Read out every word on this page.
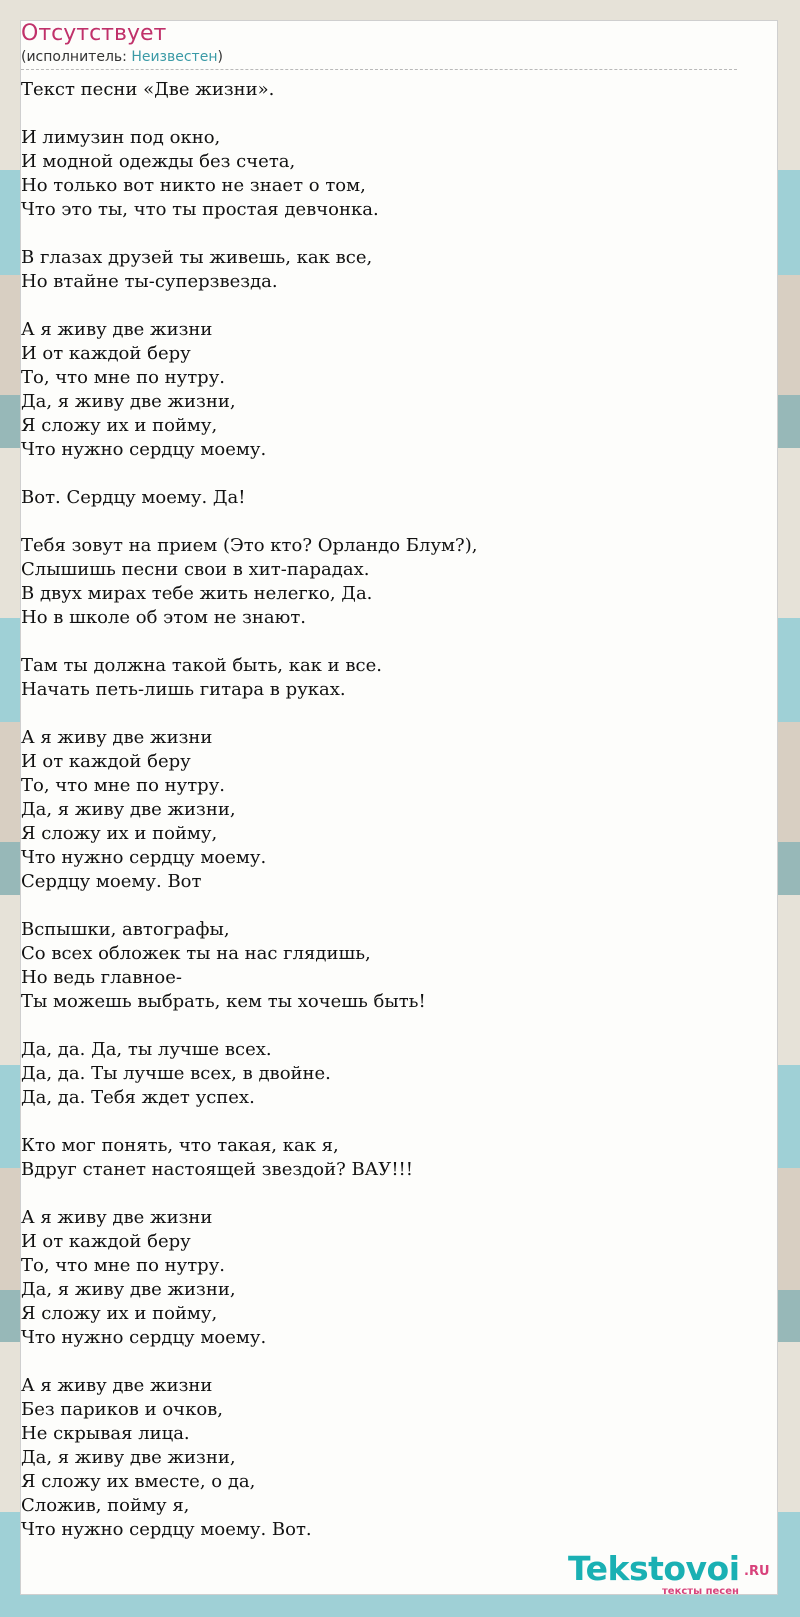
Отсутствует
(исполнитель: Неизвестен)
Текст песни «Две жизни».
И лимузин под окно,
И модной одежды без счета,
Но только вот никто не знает о том,
Что это ты, что ты простая девчонка.
В глазах друзей ты живешь, как все,
Но втайне ты-суперзвезда.
А я живу две жизни
И от каждой беру
То, что мне по нутру.
Да, я живу две жизни,
Я сложу их и пойму,
Что нужно сердцу моему.
Вот. Сердцу моему. Да!
Тебя зовут на прием (Это кто? Орландо Блум?),
Слышишь песни свои в хит-парадах.
В двух мирах тебе жить нелегко, Да.
Но в школе об этом не знают.
Там ты должна такой быть, как и все.
Начать петь-лишь гитара в руках.
А я живу две жизни
И от каждой беру
То, что мне по нутру.
Да, я живу две жизни,
Я сложу их и пойму,
Что нужно сердцу моему.
Сердцу моему. Вот
Вспышки, автографы,
Со всех обложек ты на нас глядишь,
Но ведь главное-
Ты можешь выбрать, кем ты хочешь быть!
Да, да. Да, ты лучше всех.
Да, да. Ты лучше всех, в двойне.
Да, да. Тебя ждет успех.
Кто мог понять, что такая, как я,
Вдруг станет настоящей звездой? ВАУ!!!
А я живу две жизни
И от каждой беру
То, что мне по нутру.
Да, я живу две жизни,
Я сложу их и пойму,
Что нужно сердцу моему.
А я живу две жизни
Без париков и очков,
Не скрывая лица.
Да, я живу две жизни,
Я сложу их вместе, о да,
Сложив, пойму я,
Что нужно сердцу моему. Вот.
Tekstovoi .RU
тексты песен
